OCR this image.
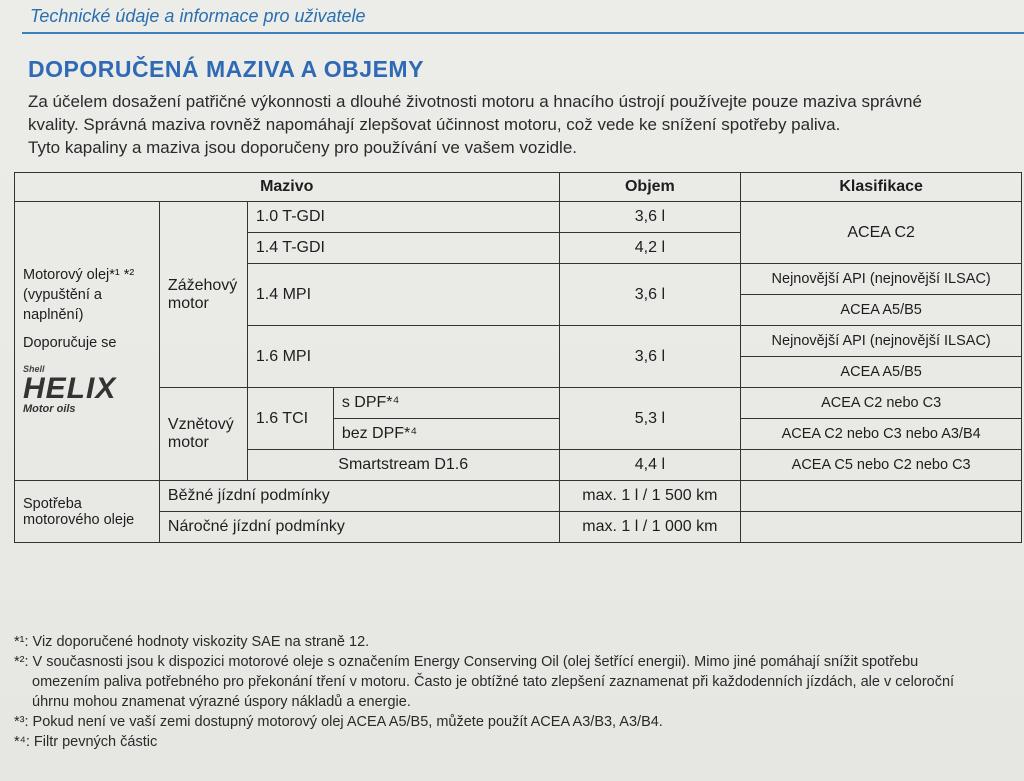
Technické údaje a informace pro uživatele
DOPORUČENÁ MAZIVA A OBJEMY

Za účelem dosažení patřičné výkonnosti a dlouhé životnosti motoru a hnacího ústrojí používejte pouze maziva správné

kvality. Správná maziva rovněž napomáhají zlepšovat účinnost motoru, což vede ke snížení spotřeby paliva.

Tyto kapaliny a maziva jsou doporučeny pro používání ve vašem vozidle.

Mazivo				Objem	Klasifikace

Motorový olej*¹ *² (vypuštění a naplnění)
Doporučuje se
Shell
HELIX
Motor oils	Zážehový motor	1.0 T-GDI		3,6 l	ACEA C2
		1.4 T-GDI		4,2 l	
		1.4 MPI		3,6 l	Nejnovější API (nejnovější ILSAC)
					ACEA A5/B5
		1.6 MPI		3,6 l	Nejnovější API (nejnovější ILSAC)
					ACEA A5/B5
	Vznětový motor	1.6 TCI	s DPF*⁴	5,3 l	ACEA C2 nebo C3
			bez DPF*⁴		ACEA C2 nebo C3 nebo A3/B4
		Smartstream D1.6		4,4 l	ACEA C5 nebo C2 nebo C3
Spotřeba motorového oleje	Běžné jízdní podmínky			max. 1 l / 1 500 km	
	Náročné jízdní podmínky			max. 1 l / 1 000 km	

*¹: Viz doporučené hodnoty viskozity SAE na straně 12.

*²: V současnosti jsou k dispozici motorové oleje s označením Energy Conserving Oil (olej šetřící energii). Mimo jiné pomáhají snížit spotřebu

omezením paliva potřebného pro překonání tření v motoru. Často je obtížné tato zlepšení zaznamenat při každodenních jízdách, ale v celoroční

úhrnu mohou znamenat výrazné úspory nákladů a energie.

*³: Pokud není ve vaší zemi dostupný motorový olej ACEA A5/B5, můžete použít ACEA A3/B3, A3/B4.

*⁴: Filtr pevných částic
